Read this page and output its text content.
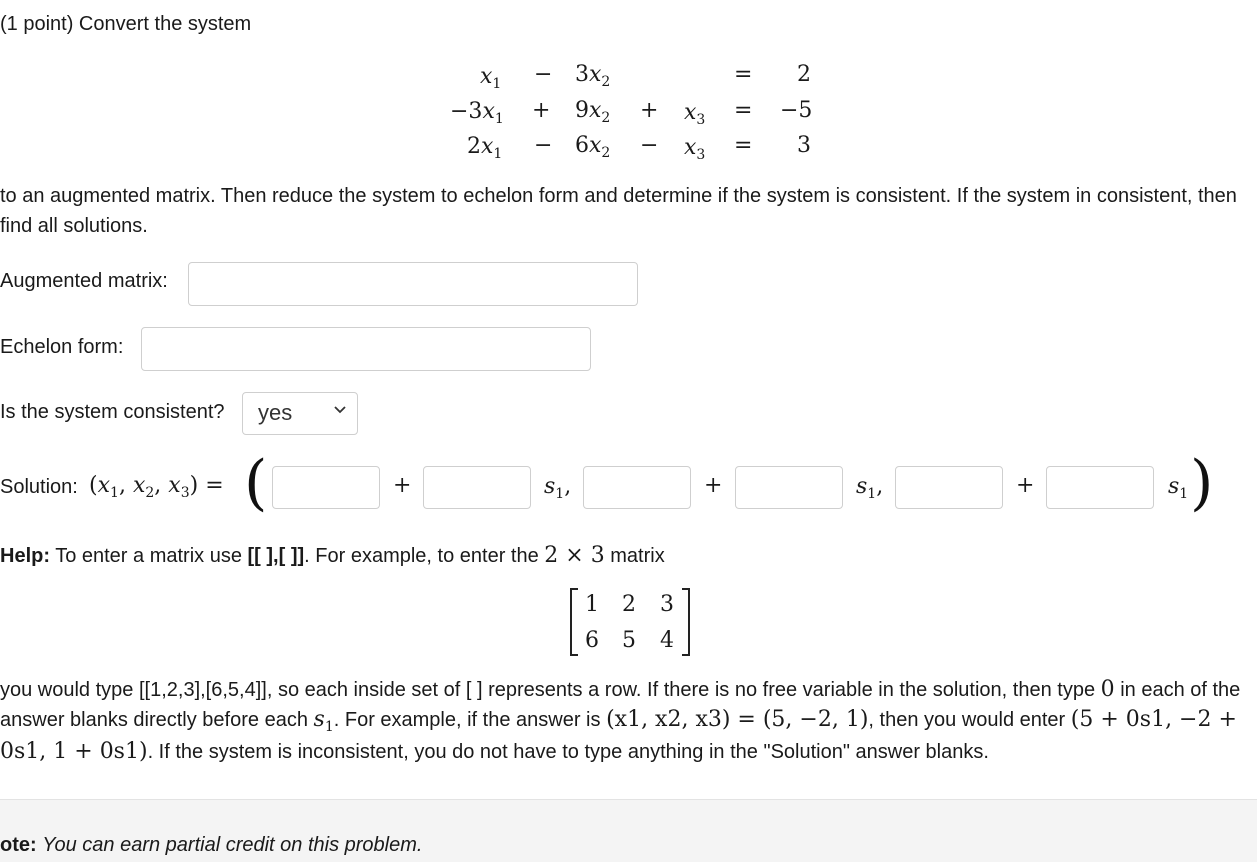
(1 point) Convert the system
$x_1 - 3x_2$	= 2
$-3x_1 + 9x_2 + x_3 = -5$
$2x_1 - 6x_2 - x_3 = 3$
to an augmented matrix. Then reduce the system to echelon form and determine if the system is consistent. If the system in consistent, then find all solutions.
Augmented matrix:
Echelon form:
Is the system consistent?	yes
Solution: ($x_1$, $x_2$, $x_3$) = (	+	$s_1$,	+	$s_1$,	+	$s_1$ )
Help: To enter a matrix use [[ ],[ ]]. For example, to enter the 2 × 3 matrix
1 2 3
6 5 4
you would type [[1,2,3],[6,5,4]], so each inside set of [ ] represents a row. If there is no free variable in the solution, then type 0 in each of the answer blanks directly before each $s_1$. For example, if the answer is (x1, x2, x3) = (5, −2, 1), then you would enter (5 + 0s1, −2 + 0s1, 1 + 0s1). If the system is inconsistent, you do not have to type anything in the "Solution" answer blanks.
ote: You can earn partial credit on this problem.
